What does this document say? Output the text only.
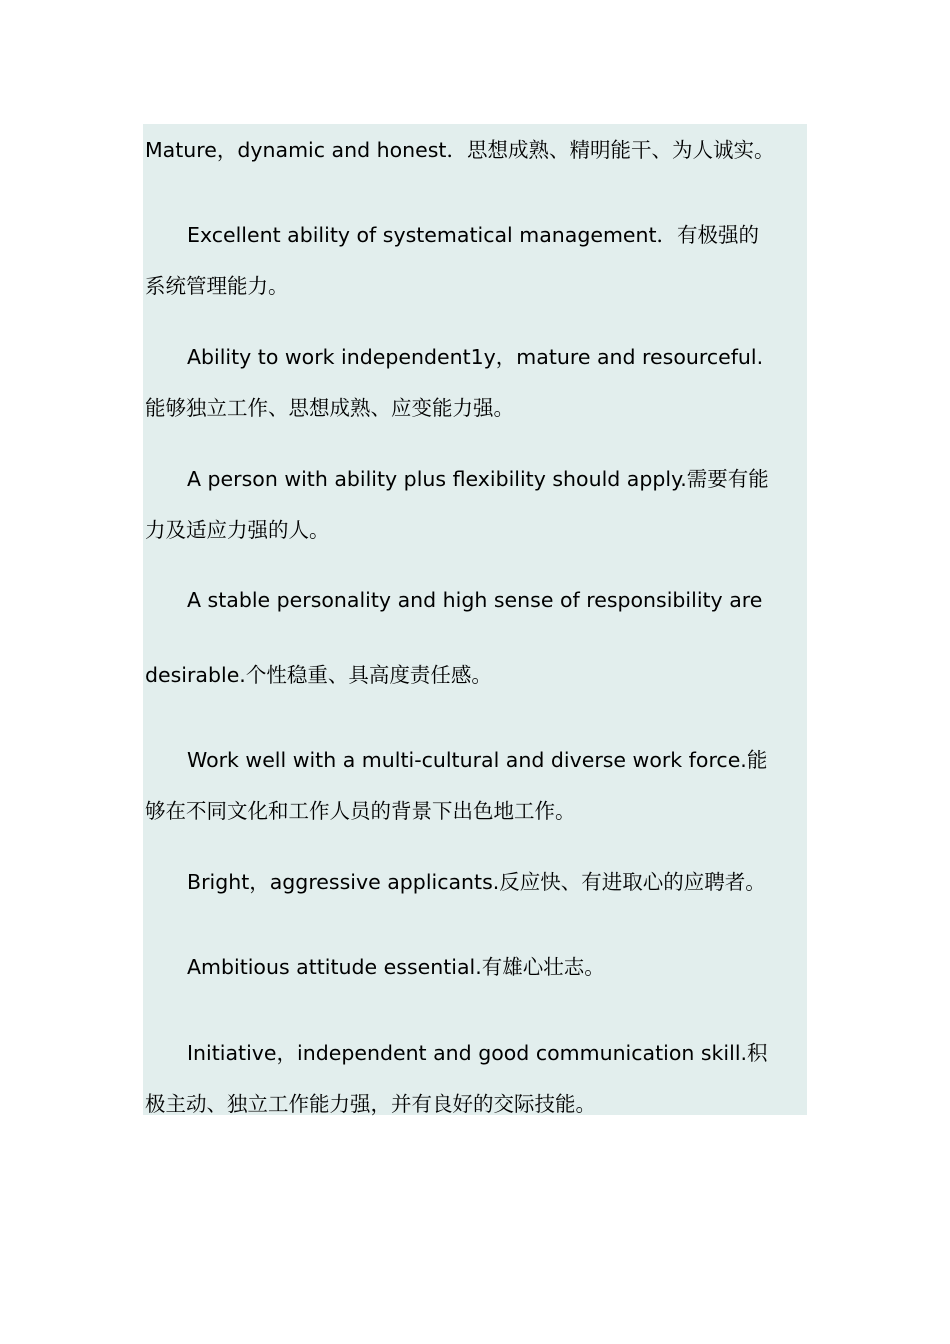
Mature，dynamic and honest．思想成熟、精明能干、为人诚实。
Excellent ability of systematical management．有极强的
系统管理能力。
Ability to work independent1y，mature and resourceful.
能够独立工作、思想成熟、应变能力强。
A person with ability plus flexibility should apply.需要有能
力及适应力强的人。
A stable personality and high sense of responsibility are
desirable.个性稳重、具高度责任感。
Work well with a multi-cultural and diverse work force.能
够在不同文化和工作人员的背景下出色地工作。
Bright，aggressive applicants.反应快、有进取心的应聘者。
Ambitious attitude essential.有雄心壮志。
Initiative，independent and good communication skill.积
极主动、独立工作能力强，并有良好的交际技能。
